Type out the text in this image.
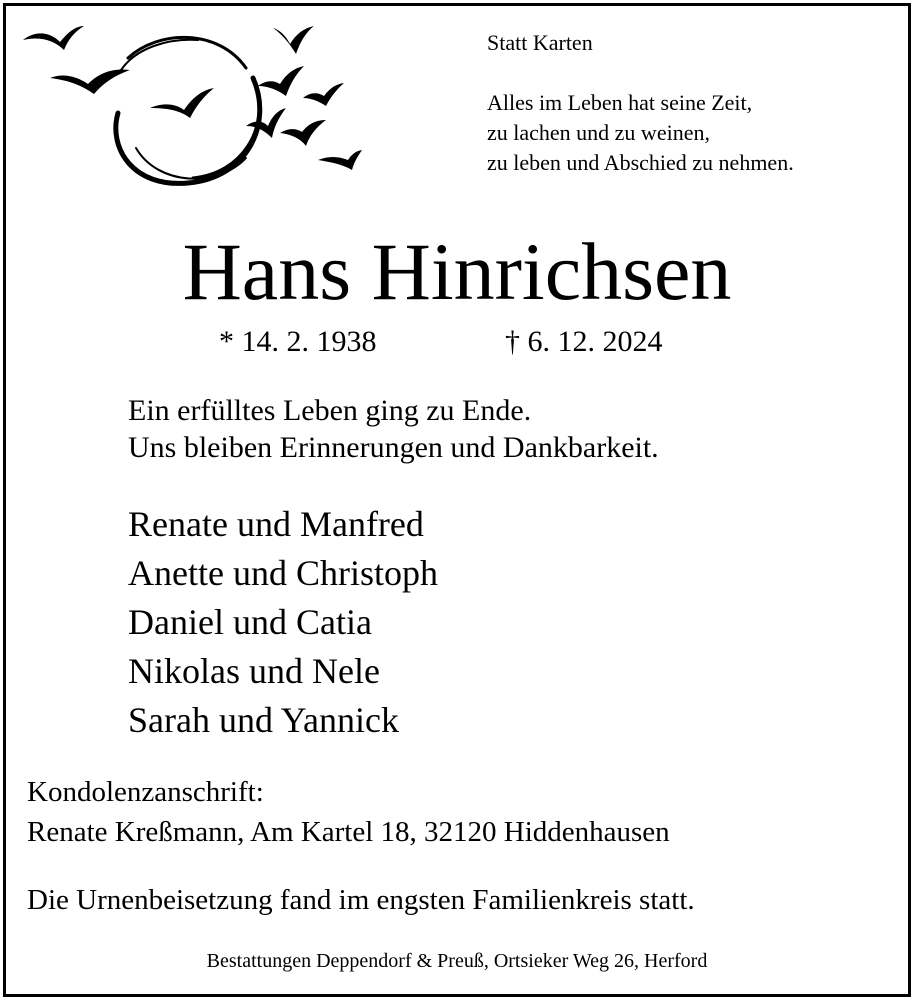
Statt Karten
Alles im Leben hat seine Zeit,
zu lachen und zu weinen,
zu leben und Abschied zu nehmen.
Hans Hinrichsen
* 14. 2. 1938	† 6. 12. 2024
Ein erfülltes Leben ging zu Ende.
Uns bleiben Erinnerungen und Dankbarkeit.
Renate und Manfred
Anette und Christoph
Daniel und Catia
Nikolas und Nele
Sarah und Yannick
Kondolenzanschrift:
Renate Kreßmann, Am Kartel 18, 32120 Hiddenhausen
Die Urnenbeisetzung fand im engsten Familienkreis statt.
Bestattungen Deppendorf & Preuß, Ortsieker Weg 26, Herford
